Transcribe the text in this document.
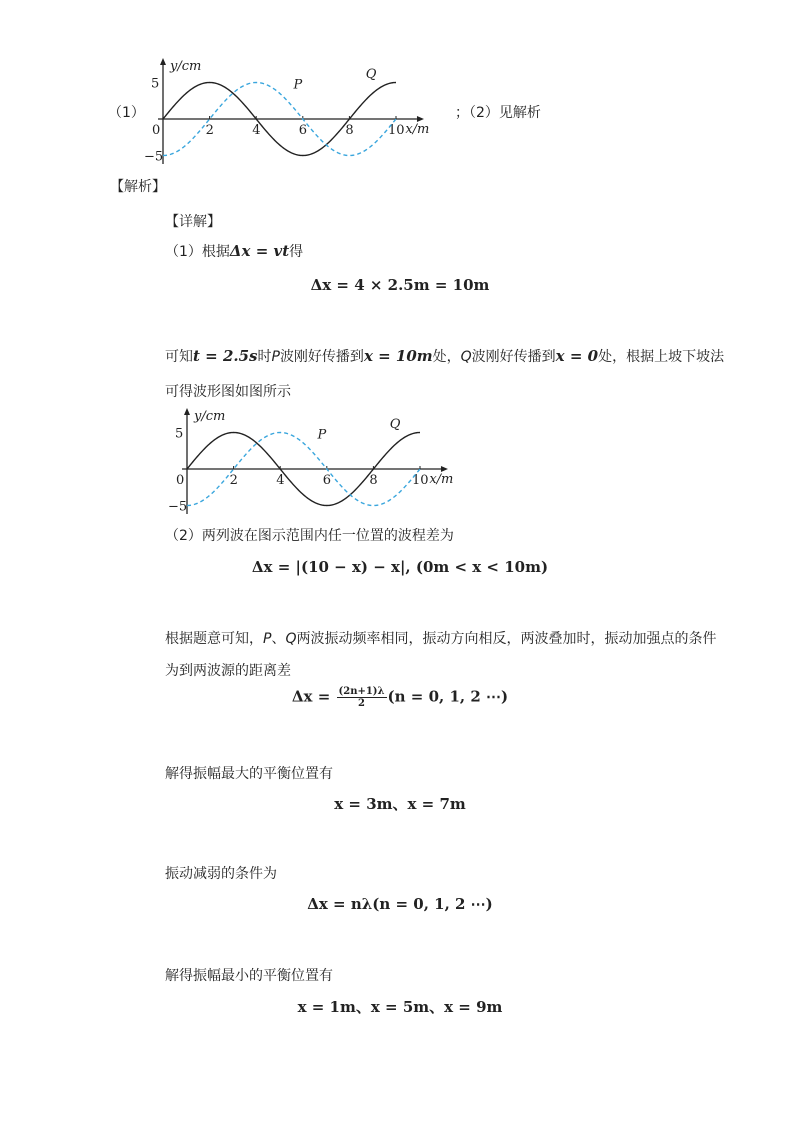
（1）
y/cm
x/m
0
5
−5
2	4	6	8	10
P
Q
；（2）见解析
【解析】
【详解】
（1）根据Δx = vt得
Δx = 4 × 2.5m = 10m
可知t = 2.5s时P波刚好传播到x = 10m处，Q波刚好传播到x = 0处，根据上坡下坡法
可得波形图如图所示
y/cm
x/m
0
5
−5
2	4	6	8	10
P
Q
（2）两列波在图示范围内任一位置的波程差为
Δx = |(10 − x) − x|, (0m < x < 10m)
根据题意可知，P、Q两波振动频率相同，振动方向相反，两波叠加时，振动加强点的条件
为到两波源的距离差
$\Delta x = \frac{(2n+1)\lambda}{2} (n = 0$, 1, 2 ⋯)
解得振幅最大的平衡位置有
x = 3m、x = 7m
振动减弱的条件为
Δx = nλ(n = 0, 1, 2 ⋯)
解得振幅最小的平衡位置有
x = 1m、x = 5m、x = 9m
